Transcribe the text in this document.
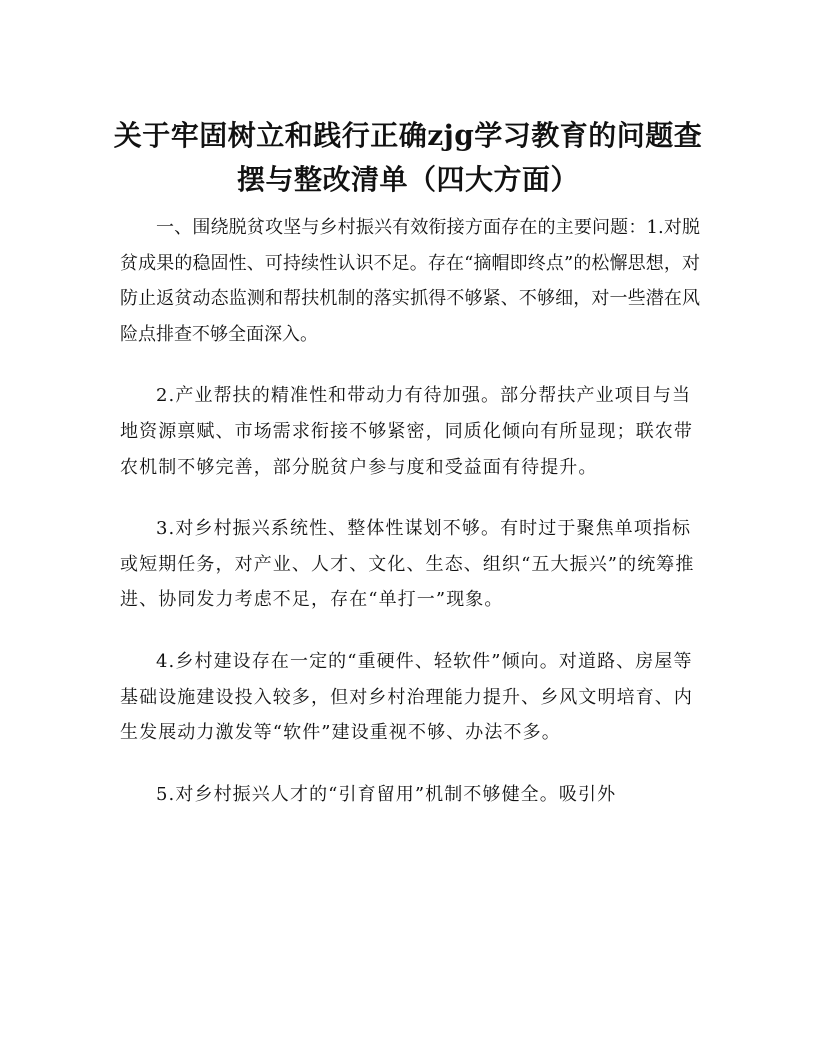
关于牢固树立和践行正确zjg学习教育的问题查摆与整改清单（四大方面）

一、围绕脱贫攻坚与乡村振兴有效衔接方面存在的主要问题：1.对脱贫成果的稳固性、可持续性认识不足。存在“摘帽即终点”的松懈思想，对防止返贫动态监测和帮扶机制的落实抓得不够紧、不够细，对一些潜在风险点排查不够全面深入。

2.产业帮扶的精准性和带动力有待加强。部分帮扶产业项目与当地资源禀赋、市场需求衔接不够紧密，同质化倾向有所显现；联农带农机制不够完善，部分脱贫户参与度和受益面有待提升。

3.对乡村振兴系统性、整体性谋划不够。有时过于聚焦单项指标或短期任务，对产业、人才、文化、生态、组织“五大振兴”的统筹推进、协同发力考虑不足，存在“单打一”现象。

4.乡村建设存在一定的“重硬件、轻软件”倾向。对道路、房屋等基础设施建设投入较多，但对乡村治理能力提升、乡风文明培育、内生发展动力激发等“软件”建设重视不够、办法不多。

5.对乡村振兴人才的“引育留用”机制不够健全。吸引外
